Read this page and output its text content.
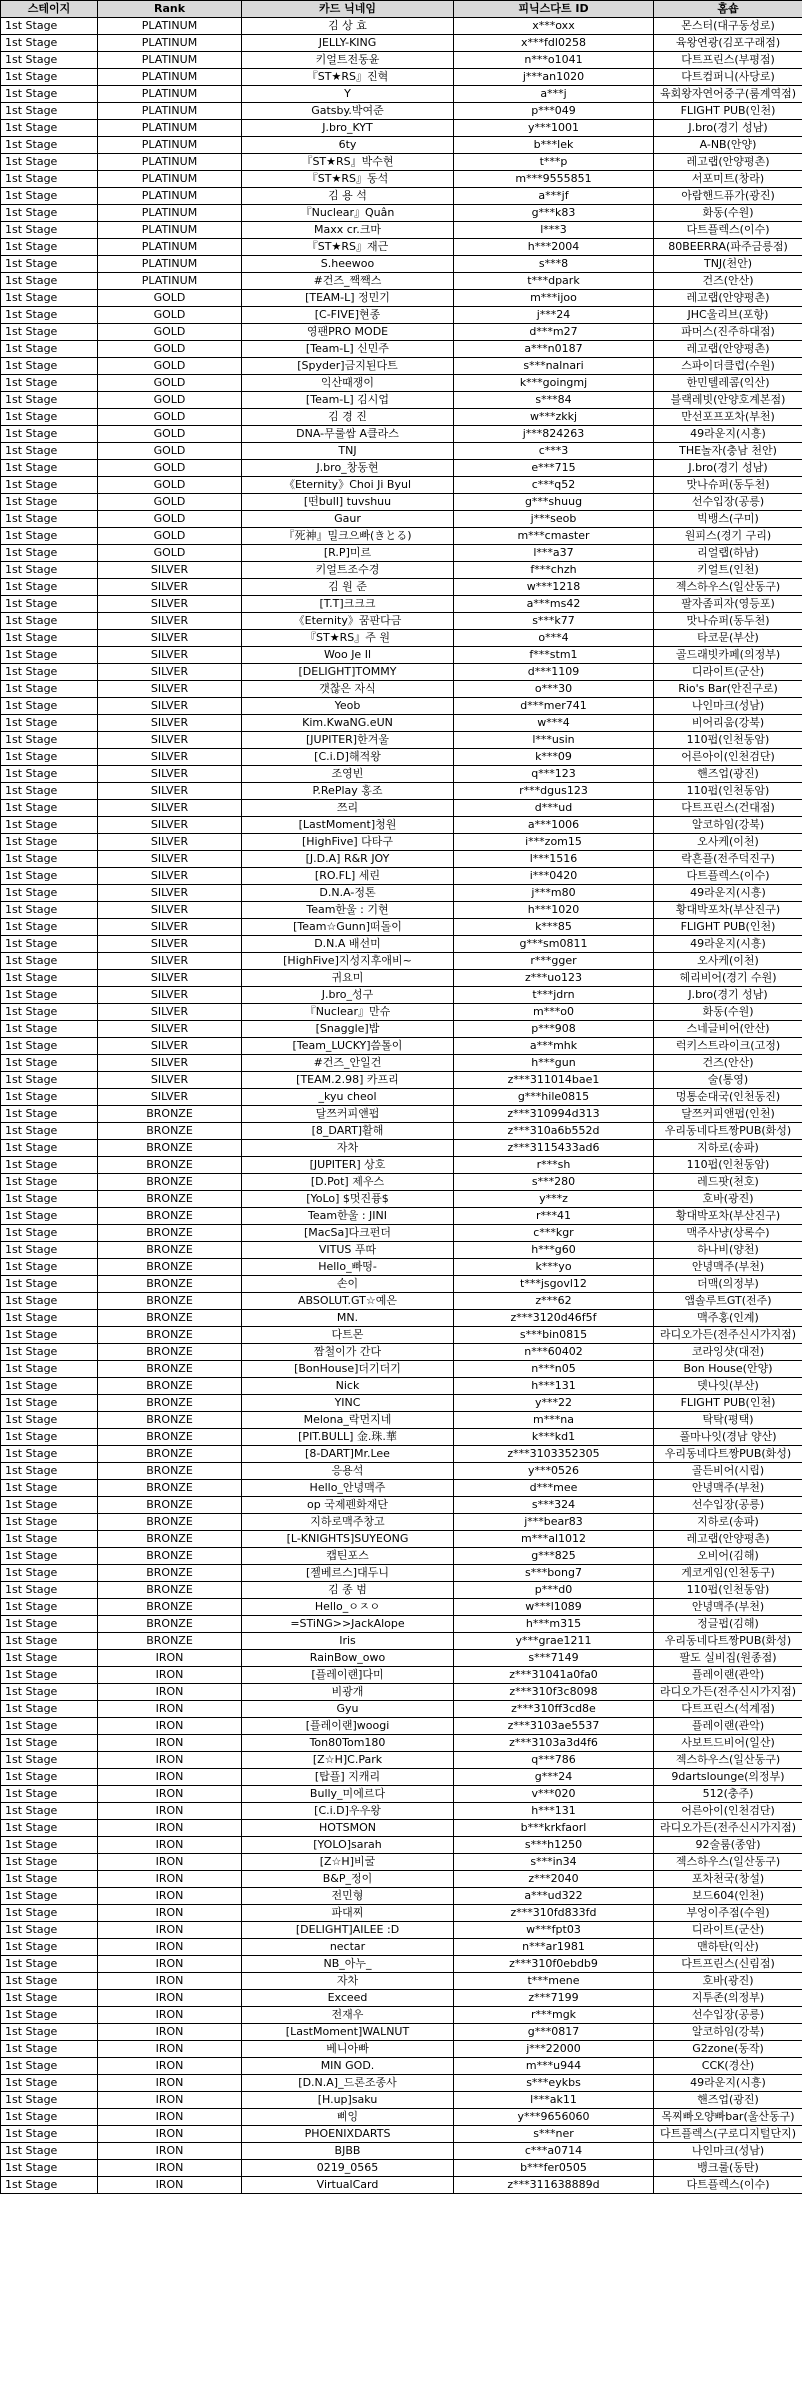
스테이지	Rank	카드 닉네임	피닉스다트 ID	홈숍
1st Stage	PLATINUM	김 상 효	x***oxx	몬스터(대구동성로)
1st Stage	PLATINUM	JELLY-KING	x***fdl0258	육왕연광(김포구래점)
1st Stage	PLATINUM	키얼트전동윤	n***o1041	다트프린스(부평점)
1st Stage	PLATINUM	『ST★RS』진혁	j***an1020	다트컴퍼니(사당로)
1st Stage	PLATINUM	Y	a***j	육회왕자연어중구(룸계역점)
1st Stage	PLATINUM	Gatsby.박여준	p***049	FLIGHT PUB(인천)
1st Stage	PLATINUM	J.bro_KYT	y***1001	J.bro(경기 성남)
1st Stage	PLATINUM	6ty	b***lek	A-NB(안양)
1st Stage	PLATINUM	『ST★RS』박수현	t***p	레고랩(안양평촌)
1st Stage	PLATINUM	『ST★RS』동석	m***9555851	서포미트(창라)
1st Stage	PLATINUM	김 용 석	a***jf	아람핸드퓨가(광진)
1st Stage	PLATINUM	『Nuclear』Quân	g***k83	화동(수원)
1st Stage	PLATINUM	Maxx cr.크마	l***3	다트플렉스(이수)
1st Stage	PLATINUM	『ST★RS』재근	h***2004	80BEERRA(파주금릉점)
1st Stage	PLATINUM	S.heewoo	s***8	TNJ(천안)
1st Stage	PLATINUM	#건즈_짹짹스	t***dpark	건즈(안산)
1st Stage	GOLD	[TEAM-L] 정민기	m***ijoo	레고랩(안양평촌)
1st Stage	GOLD	[C-FIVE]현종	j***24	JHC울리브(포항)
1st Stage	GOLD	영팬PRO MODE	d***m27	파머스(진주하대점)
1st Stage	GOLD	[Team-L] 신민주	a***n0187	레고랩(안양평촌)
1st Stage	GOLD	[Spyder]금지된다트	s***nalnari	스파이더클럽(수원)
1st Stage	GOLD	익산때쟁이	k***goingmj	한민텔레콤(익산)
1st Stage	GOLD	[Team-L] 김시업	s***84	블랙레빗(안양호계본점)
1st Stage	GOLD	김 경 진	w***zkkj	만선포프포차(부천)
1st Stage	GOLD	DNA-무룰쌈 A클라스	j***824263	49라운지(시흥)
1st Stage	GOLD	TNJ	c***3	THE놀자(충남 천안)
1st Stage	GOLD	J.bro_창동현	e***715	J.bro(경기 성남)
1st Stage	GOLD	《Eternity》Choi Ji Byul	c***q52	맛나슈퍼(동두천)
1st Stage	GOLD	[떤bull] tuvshuu	g***shuug	선수입장(공릉)
1st Stage	GOLD	Gaur	j***seob	빅뱅스(구미)
1st Stage	GOLD	『死神』밀크으빠(きとる)	m***cmaster	원피스(경기 구리)
1st Stage	GOLD	[R.P]미르	l***a37	리얼랩(하남)
1st Stage	SILVER	키얼트조수경	f***chzh	키얼트(인천)
1st Stage	SILVER	김 원 준	w***1218	젝스하우스(일산동구)
1st Stage	SILVER	[T.T]크크크	a***ms42	팔자좀피자(영등포)
1st Stage	SILVER	《Eternity》꿈판다금	s***k77	맛나슈퍼(동두천)
1st Stage	SILVER	『ST★RS』주 원	o***4	타코문(부산)
1st Stage	SILVER	Woo Je Il	f***stm1	골드래빗카페(의정부)
1st Stage	SILVER	[DELIGHT]TOMMY	d***1109	디라이트(군산)
1st Stage	SILVER	갯찮은 자식	o***30	Rio's Bar(안진구로)
1st Stage	SILVER	Yeob	d***mer741	나인마크(성남)
1st Stage	SILVER	Kim.KwaNG.eUN	w***4	비어리움(강북)
1st Stage	SILVER	[JUPITER]한겨울	l***usin	110펍(인천동암)
1st Stage	SILVER	[C.i.D]해적왕	k***09	어른아이(인천검단)
1st Stage	SILVER	조영빈	q***123	핸즈업(광진)
1st Stage	SILVER	P.RePlay 홍조	r***dgus123	110펍(인천동암)
1st Stage	SILVER	쯔리	d***ud	다트프린스(건대점)
1st Stage	SILVER	[LastMoment]청원	a***1006	알코하임(강북)
1st Stage	SILVER	[HighFive] 다타구	i***zom15	오사케(이천)
1st Stage	SILVER	[J.D.A] R&R JOY	l***1516	락흔플(전주덕진구)
1st Stage	SILVER	[RO.FL] 세린	i***0420	다트플렉스(이수)
1st Stage	SILVER	D.N.A-정톤	j***m80	49라운지(시흥)
1st Stage	SILVER	Team한울 : 기현	h***1020	황대박포차(부산진구)
1st Stage	SILVER	[Team☆Gunn]떠돌이	k***85	FLIGHT PUB(인천)
1st Stage	SILVER	D.N.A 배선미	g***sm0811	49라운지(시흥)
1st Stage	SILVER	[HighFive]지성지후애비~	r***gger	오사케(이천)
1st Stage	SILVER	귀요미	z***uo123	헤리비어(경기 수원)
1st Stage	SILVER	J.bro_성구	t***jdrn	J.bro(경기 성남)
1st Stage	SILVER	『Nuclear』만슈	m***o0	화동(수원)
1st Stage	SILVER	[Snaggle]밥	p***908	스네글비어(안산)
1st Stage	SILVER	[Team_LUCKY]씀톨이	a***mhk	럭키스트라이크(고정)
1st Stage	SILVER	#건즈_안일건	h***gun	건즈(안산)
1st Stage	SILVER	[TEAM.2.98] 카프리	z***311014bae1	술(통영)
1st Stage	SILVER	_kyu cheol	g***hile0815	멍통순대국(인천동진)
1st Stage	BRONZE	달쯔커피앤펍	z***310994d313	달쯔커피앤펍(인천)
1st Stage	BRONZE	[8_DART]활해	z***310a6b552d	우리동네다트짱PUB(화성)
1st Stage	BRONZE	자차	z***3115433ad6	지하로(송파)
1st Stage	BRONZE	[JUPITER] 상호	r***sh	110펍(인천동암)
1st Stage	BRONZE	[D.Pot] 제우스	s***280	레드팟(천호)
1st Stage	BRONZE	[YoLo] $멋진퓽$	y***z	호바(광진)
1st Stage	BRONZE	Team한울 : JINI	r***41	황대박포차(부산진구)
1st Stage	BRONZE	[MacSa]다크펀더	c***kgr	맥주사냥(상록수)
1st Stage	BRONZE	VITUS 푸따	h***g60	하나비(양천)
1st Stage	BRONZE	Hello_빠떵-	k***yo	안녕맥주(부천)
1st Stage	BRONZE	손이	t***jsgovl12	더맥(의정부)
1st Stage	BRONZE	ABSOLUT.GT☆예은	z***62	앱솔루트GT(전주)
1st Stage	BRONZE	MN.	z***3120d46f5f	맥주홍(인계)
1st Stage	BRONZE	다트몬	s***bin0815	라디오가든(전주신시가지점)
1st Stage	BRONZE	짬철이가 간다	n***60402	코라잉샷(대전)
1st Stage	BRONZE	[BonHouse]더기더기	n***n05	Bon House(안양)
1st Stage	BRONZE	Nick	h***131	뎃나잇(부산)
1st Stage	BRONZE	YINC	y***22	FLIGHT PUB(인천)
1st Stage	BRONZE	Melona_락먼지네	m***na	탁탁(평택)
1st Stage	BRONZE	[PIT.BULL] 金.珠.華	k***kd1	풀마나잇(경남 양산)
1st Stage	BRONZE	[8-DART]Mr.Lee	z***3103352305	우리동네다트짱PUB(화성)
1st Stage	BRONZE	응용석	y***0526	골든비어(시립)
1st Stage	BRONZE	Hello_안녕맥주	d***mee	안녕맥주(부천)
1st Stage	BRONZE	op 국제펜화재단	s***324	선수입장(공릉)
1st Stage	BRONZE	지하로맥주창고	j***bear83	지하로(송파)
1st Stage	BRONZE	[L-KNIGHTS]SUYEONG	m***al1012	레고랩(안양평촌)
1st Stage	BRONZE	캡틴포스	g***825	오비어(김해)
1st Stage	BRONZE	[젤베르스]대두니	s***bong7	게코게임(인천동구)
1st Stage	BRONZE	김 종 범	p***d0	110펍(인천동암)
1st Stage	BRONZE	Hello_ㅇㅈㅇ	w***l1089	안녕맥주(부천)
1st Stage	BRONZE	=STiNG>>JackAlope	h***m315	정글펍(김해)
1st Stage	BRONZE	Iris	y***grae1211	우리동네다트짱PUB(화성)
1st Stage	IRON	RainBow_owo	s***7149	팔도 실비집(원종점)
1st Stage	IRON	[플레이랜]다미	z***31041a0fa0	플레이랜(관악)
1st Stage	IRON	비광개	z***310f3c8098	라디오가든(전주신시가지점)
1st Stage	IRON	Gyu	z***310ff3cd8e	다트프린스(석계점)
1st Stage	IRON	[플레이랜]woogi	z***3103ae5537	플레이랜(관악)
1st Stage	IRON	Ton80Tom180	z***3103a3d4f6	사보트드비어(일산)
1st Stage	IRON	[Z☆H]C.Park	q***786	젝스하우스(일산동구)
1st Stage	IRON	[탑플] 지캐리	g***24	9dartslounge(의정부)
1st Stage	IRON	Bully_미에르다	v***020	512(충주)
1st Stage	IRON	[C.i.D]우우왕	h***131	어른아이(인천검단)
1st Stage	IRON	HOTSMON	b***krkfaorl	라디오가든(전주신시가지점)
1st Stage	IRON	[YOLO]sarah	s***h1250	92술룸(종암)
1st Stage	IRON	[Z☆H]비굴	s***in34	젝스하우스(일산동구)
1st Stage	IRON	B&P_정이	z***2040	포차천국(창설)
1st Stage	IRON	전민형	a***ud322	보드604(인천)
1st Stage	IRON	파대찌	z***310fd833fd	부엉이주점(수원)
1st Stage	IRON	[DELIGHT]AILEE :D	w***fpt03	디라이트(군산)
1st Stage	IRON	nectar	n***ar1981	맨하탄(익산)
1st Stage	IRON	NB_아누_	z***310f0ebdb9	다트프린스(신림점)
1st Stage	IRON	자차	t***mene	호바(광진)
1st Stage	IRON	Exceed	z***7199	지투존(의정부)
1st Stage	IRON	전재우	r***mgk	선수입장(공릉)
1st Stage	IRON	[LastMoment]WALNUT	g***0817	알코하임(강북)
1st Stage	IRON	베니아빠	j***22000	G2zone(동작)
1st Stage	IRON	MIN GOD.	m***u944	CCK(경산)
1st Stage	IRON	[D.N.A]_드론조종사	s***eykbs	49라운지(시흥)
1st Stage	IRON	[H.up]saku	l***ak11	핸즈업(광진)
1st Stage	IRON	삐잉	y***9656060	목찌빠오양빠bar(울산동구)
1st Stage	IRON	PHOENIXDARTS	s***ner	다트플렉스(구로디지털단지)
1st Stage	IRON	BJBB	c***a0714	나인마크(성남)
1st Stage	IRON	0219_0565	b***fer0505	뱅크룰(동탄)
1st Stage	IRON	VirtualCard	z***311638889d	다트플렉스(이수)
